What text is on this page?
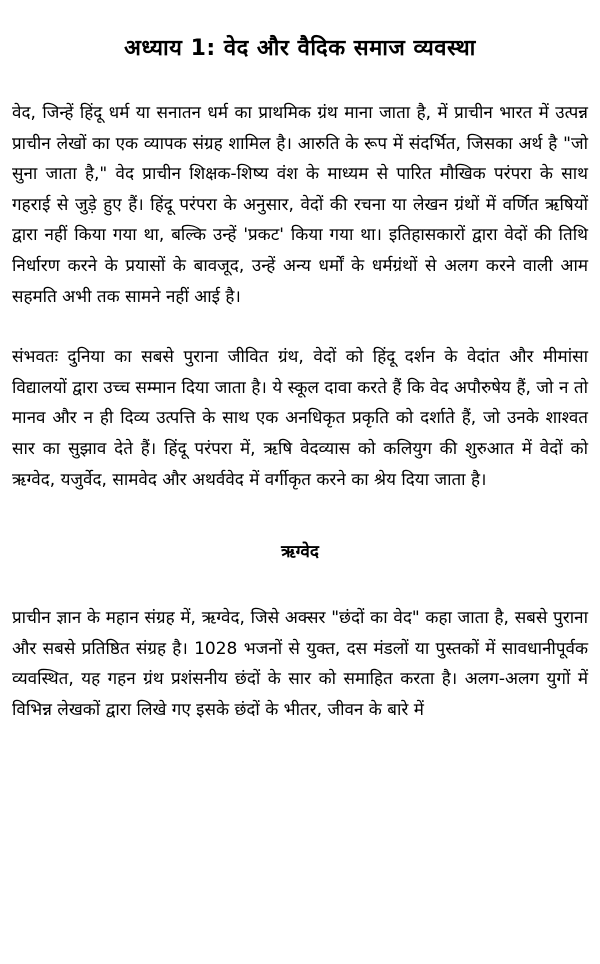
अध्याय 1: वेद और वैदिक समाज व्यवस्था

वेद, जिन्हें हिंदू धर्म या सनातन धर्म का प्राथमिक ग्रंथ माना जाता है, में प्राचीन भारत में उत्पन्न प्राचीन लेखों का एक व्यापक संग्रह शामिल है। आरुति के रूप में संदर्भित, जिसका अर्थ है "जो सुना जाता है," वेद प्राचीन शिक्षक-शिष्य वंश के माध्यम से पारित मौखिक परंपरा के साथ गहराई से जुड़े हुए हैं। हिंदू परंपरा के अनुसार, वेदों की रचना या लेखन ग्रंथों में वर्णित ऋषियों द्वारा नहीं किया गया था, बल्कि उन्हें 'प्रकट' किया गया था। इतिहासकारों द्वारा वेदों की तिथि निर्धारण करने के प्रयासों के बावजूद, उन्हें अन्य धर्मों के धर्मग्रंथों से अलग करने वाली आम सहमति अभी तक सामने नहीं आई है।

संभवतः दुनिया का सबसे पुराना जीवित ग्रंथ, वेदों को हिंदू दर्शन के वेदांत और मीमांसा विद्यालयों द्वारा उच्च सम्मान दिया जाता है। ये स्कूल दावा करते हैं कि वेद अपौरुषेय हैं, जो न तो मानव और न ही दिव्य उत्पत्ति के साथ एक अनधिकृत प्रकृति को दर्शाते हैं, जो उनके शाश्वत सार का सुझाव देते हैं। हिंदू परंपरा में, ऋषि वेदव्यास को कलियुग की शुरुआत में वेदों को ऋग्वेद, यजुर्वेद, सामवेद और अथर्ववेद में वर्गीकृत करने का श्रेय दिया जाता है।

ऋग्वेद

प्राचीन ज्ञान के महान संग्रह में, ऋग्वेद, जिसे अक्सर "छंदों का वेद" कहा जाता है, सबसे पुराना और सबसे प्रतिष्ठित संग्रह है। 1028 भजनों से युक्त, दस मंडलों या पुस्तकों में सावधानीपूर्वक व्यवस्थित, यह गहन ग्रंथ प्रशंसनीय छंदों के सार को समाहित करता है। अलग-अलग युगों में विभिन्न लेखकों द्वारा लिखे गए इसके छंदों के भीतर, जीवन के बारे में
